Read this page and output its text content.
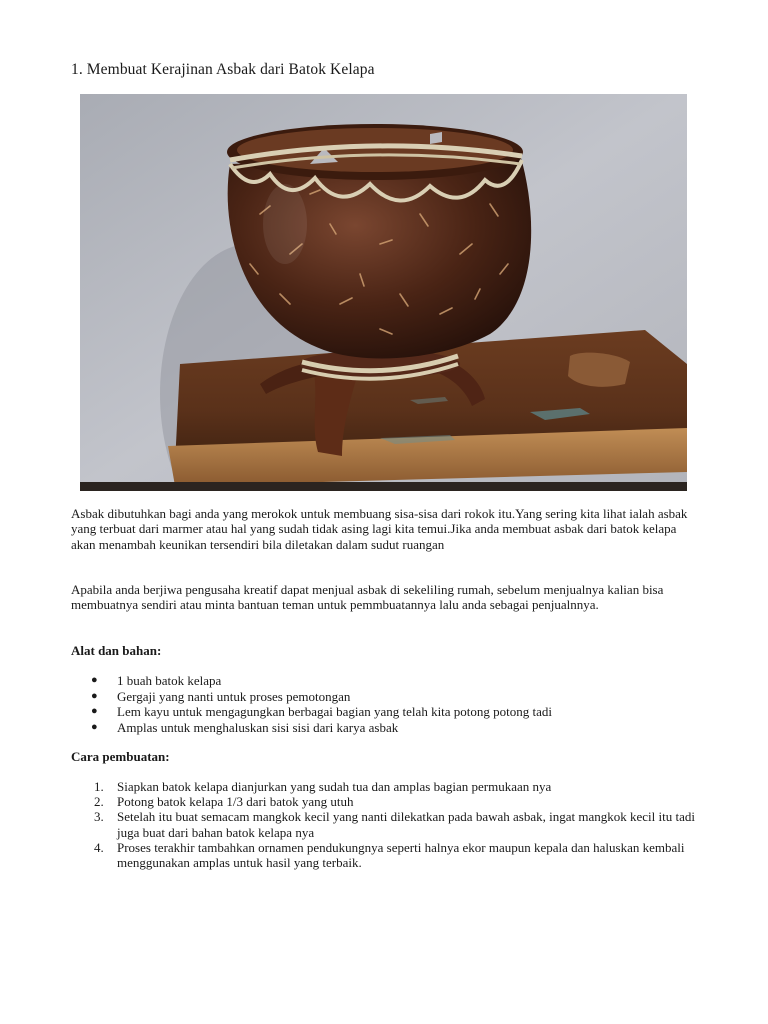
1. Membuat Kerajinan Asbak dari Batok Kelapa

Asbak dibutuhkan bagi anda yang merokok untuk membuang sisa-sisa dari rokok itu.Yang sering kita lihat ialah asbak yang terbuat dari marmer atau hal yang sudah tidak asing lagi kita temui.Jika anda membuat asbak dari batok kelapa akan menambah keunikan tersendiri bila diletakan dalam sudut ruangan

Apabila anda berjiwa pengusaha kreatif dapat menjual asbak di sekeliling rumah, sebelum menjualnya kalian bisa membuatnya sendiri atau minta bantuan teman untuk pemmbuatannya lalu anda sebagai penjualnnya.

Alat dan bahan:

● 1 buah batok kelapa
● Gergaji yang nanti untuk proses pemotongan
● Lem kayu untuk mengagungkan berbagai bagian yang telah kita potong potong tadi
● Amplas untuk menghaluskan sisi sisi dari karya asbak

Cara pembuatan:

1. Siapkan batok kelapa dianjurkan yang sudah tua dan amplas bagian permukaan nya
2. Potong batok kelapa 1/3 dari batok yang utuh
3. Setelah itu buat semacam mangkok kecil yang nanti dilekatkan pada bawah asbak, ingat mangkok kecil itu tadi juga buat dari bahan batok kelapa nya
4. Proses terakhir tambahkan ornamen pendukungnya seperti halnya ekor maupun kepala dan haluskan kembali menggunakan amplas untuk hasil yang terbaik.
